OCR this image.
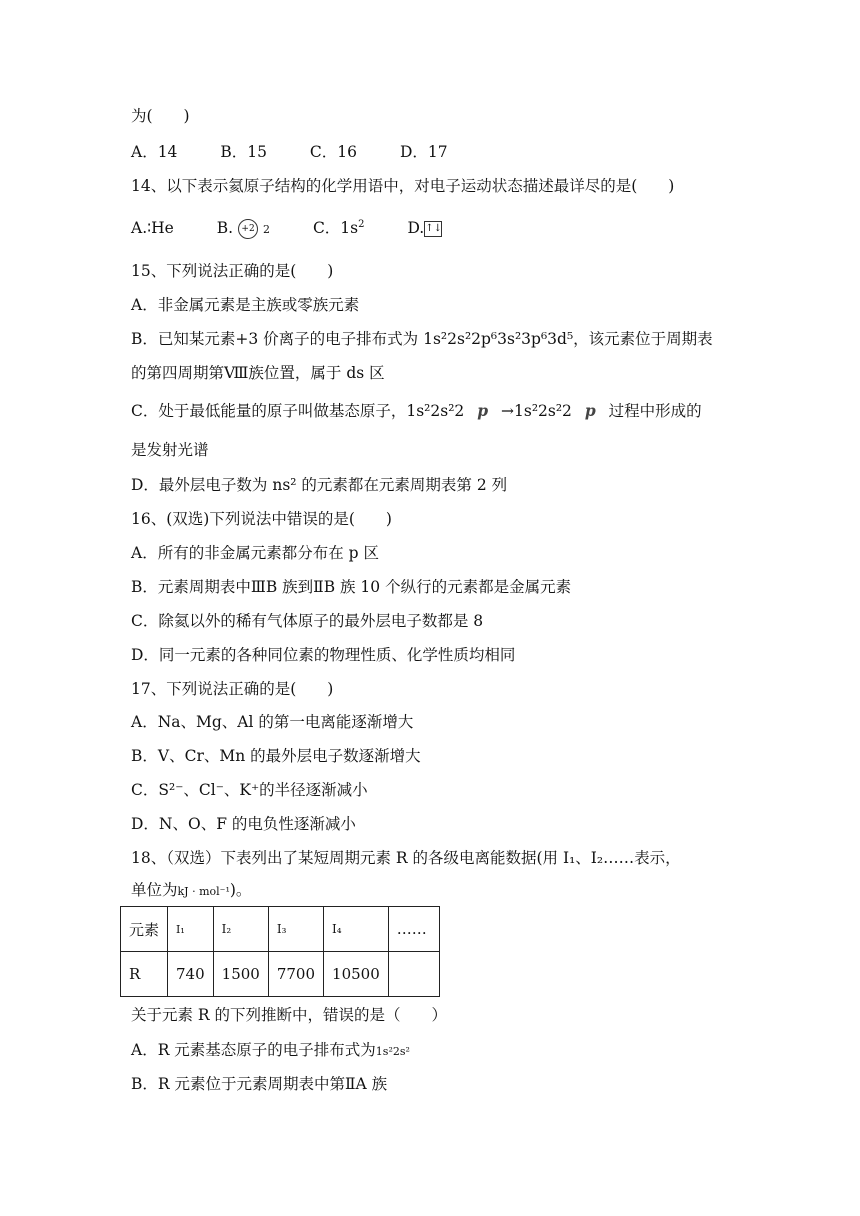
为(　　)
A．14	B．15	C．16	D．17
14、以下表示氦原子结构的化学用语中，对电子运动状态描述最详尽的是(　　)
A.∶He	B. +2 2	C．$1s^2$	D.↑↓
15、下列说法正确的是(　　)
A．非金属元素是主族或零族元素
B．已知某元素+3 价离子的电子排布式为 1s²2s²2p⁶3s²3p⁶3d⁵，该元素位于周期表
的第四周期第Ⅷ族位置，属于 ds 区
C．处于最低能量的原子叫做基态原子，1s²2s²2 p →1s²2s²2 p 过程中形成的
是发射光谱
D．最外层电子数为 ns² 的元素都在元素周期表第 2 列
16、(双选)下列说法中错误的是(　　)
A．所有的非金属元素都分布在 p 区
B．元素周期表中ⅢB 族到ⅡB 族 10 个纵行的元素都是金属元素
C．除氦以外的稀有气体原子的最外层电子数都是 8
D．同一元素的各种同位素的物理性质、化学性质均相同
17、下列说法正确的是(　　)
A．Na、Mg、Al 的第一电离能逐渐增大
B．V、Cr、Mn 的最外层电子数逐渐增大
C．S²⁻、Cl⁻、K⁺的半径逐渐减小
D．N、O、F 的电负性逐渐减小
18、（双选）下表列出了某短周期元素 R 的各级电离能数据(用 I₁、I₂……表示，
单位为kJ · mol⁻¹)。
元素	I₁	I₂	I₃	I₄	……
R	740	1500	7700	10500	
关于元素 R 的下列推断中，错误的是（　　）
A．R 元素基态原子的电子排布式为1s²2s²
B．R 元素位于元素周期表中第ⅡA 族
